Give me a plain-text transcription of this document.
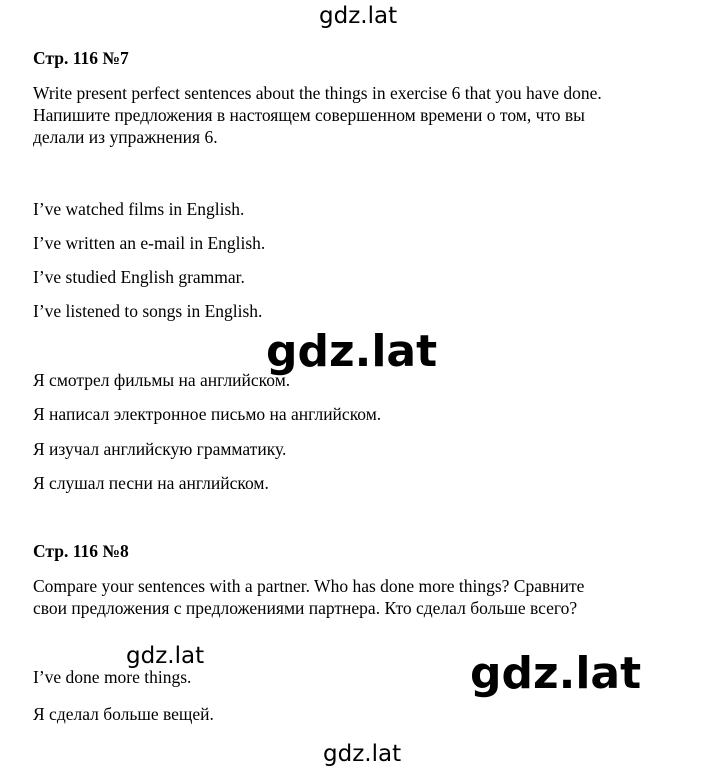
gdz.lat
Стр. 116 №7
Write present perfect sentences about the things in exercise 6 that you have done.
Напишите предложения в настоящем совершенном времени о том, что вы
делали из упражнения 6.
I’ve watched films in English.
I’ve written an e-mail in English.
I’ve studied English grammar.
I’ve listened to songs in English.
Я смотрел фильмы на английском.
Я написал электронное письмо на английском.
Я изучал английскую грамматику.
Я слушал песни на английском.
gdz.lat
Стр. 116 №8
Compare your sentences with a partner. Who has done more things? Сравните
свои предложения с предложениями партнера. Кто сделал больше всего?
I’ve done more things.
Я сделал больше вещей.
gdz.lat	gdz.lat
gdz.lat
